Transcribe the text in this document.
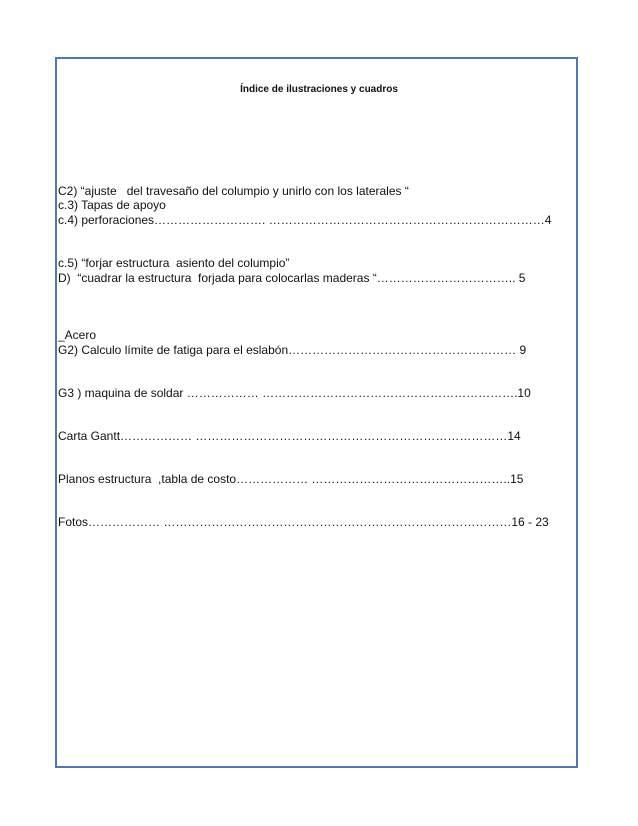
Índice de ilustraciones y cuadros

C2) “ajuste   del travesaño del columpio y unirlo con los laterales “

c.3) Tapas de apoyo

c.4) perforaciones………………………. ……………………………………………………………4

c.5) “forjar estructura  asiento del columpio”

D)  “cuadrar la estructura  forjada para colocarlas maderas “…………………………….. 5

_Acero

G2) Calculo límite de fatiga para el eslabón………………………………………………… 9

G3 ) maquina de soldar ……………… ……………………………………………………….10

Carta Gantt……………… ……………………………………………………………………14

Planos estructura  ,tabla de costo……………… …………………………………………..15

Fotos……………… ……………………………………………………………………………16 - 23
